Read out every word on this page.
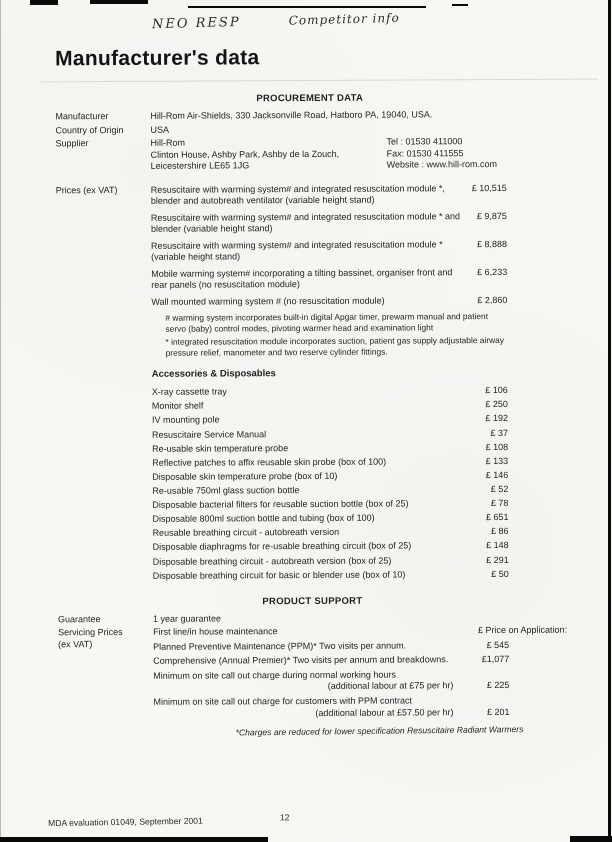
NEO RESP	Competitor info
Manufacturer's data
PROCUREMENT DATA
Manufacturer	Hill-Rom Air-Shields, 330 Jacksonville Road, Hatboro PA, 19040, USA.
Country of Origin	USA
Supplier	Hill-Rom
Clinton House, Ashby Park, Ashby de la Zouch,
Leicestershire LE65 1JG
Tel : 01530 411000
Fax: 01530 411555
Website : www.hill-rom.com
Prices (ex VAT)	Resuscitaire with warming system# and integrated resuscitation module *, blender and autobreath ventilator (variable height stand)
£ 10,515
Resuscitaire with warming system# and integrated resuscitation module * and blender (variable height stand)
£ 9,875
Resuscitaire with warming system# and integrated resuscitation module * (variable height stand)
£ 8,888
Mobile warming system# incorporating a tilting bassinet, organiser front and rear panels (no resuscitation module)
£ 6,233
Wall mounted warming system # (no resuscitation module)	£ 2,860
# warming system incorporates built-in digital Apgar timer, prewarm manual and patient servo (baby) control modes, pivoting warmer head and examination light
* integrated resuscitation module incorporates suction, patient gas supply adjustable airway pressure relief, manometer and two reserve cylinder fittings.
Accessories & Disposables
X-ray cassette tray	£ 106
Monitor shelf	£ 250
IV mounting pole	£ 192
Resuscitaire Service Manual	£ 37
Re-usable skin temperature probe	£ 108
Reflective patches to affix reusable skin probe (box of 100)	£ 133
Disposable skin temperature probe (box of 10)	£ 146
Re-usable 750ml glass suction bottle	£ 52
Disposable bacterial filters for reusable suction bottle (box of 25)	£ 78
Disposable 800ml suction bottle and tubing (box of 100)	£ 651
Reusable breathing circuit - autobreath version	£ 86
Disposable diaphragms for re-usable breathing circuit (box of 25)	£ 148
Disposable breathing circuit - autobreath version (box of 25)	£ 291
Disposable breathing circuit for basic or blender use (box of 10)	£ 50
PRODUCT SUPPORT
Guarantee	1 year guarantee
Servicing Prices
(ex VAT)
First line/in house maintenance	£ Price on Application:
Planned Preventive Maintenance (PPM)* Two visits per annum.	£ 545
Comprehensive (Annual Premier)* Two visits per annum and breakdowns.	£1,077
Minimum on site call out charge during normal working hours
(additional labour at £75 per hr)	£ 225
Minimum on site call out charge for customers with PPM contract
(additional labour at £57.50 per hr)	£ 201
*Charges are reduced for lower specification Resuscitaire Radiant Warmers
MDA evaluation 01049, September 2001	12
